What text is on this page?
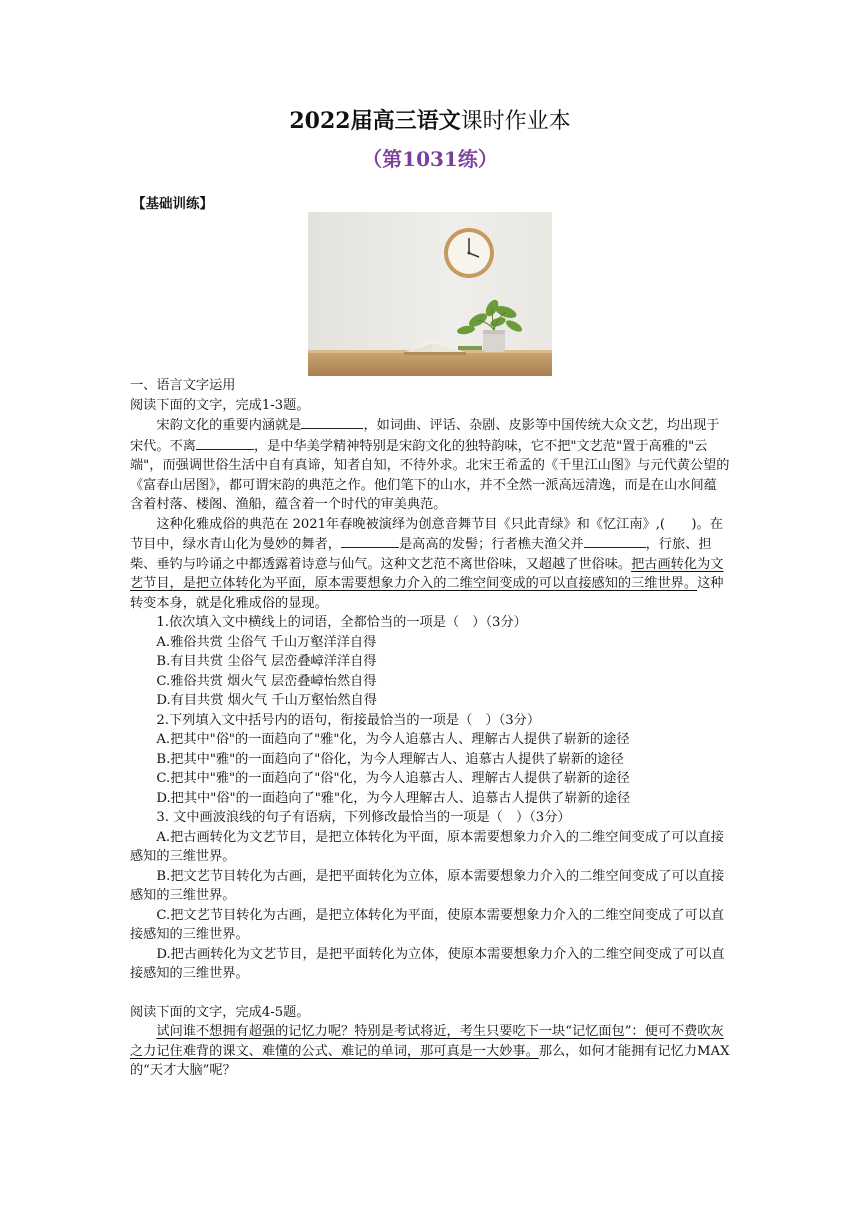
2022届高三语文课时作业本
（第1031练）
【基础训练】

一、语言文字运用

阅读下面的文字，完成1-3题。

宋韵文化的重要内涵就是	，如词曲、评话、杂剧、皮影等中国传统大众文艺，均出现于宋代。不离	，是中华美学精神特别是宋韵文化的独特韵味，它不把"文艺范"置于高雅的"云端"，而强调世俗生活中自有真谛，知者自知，不待外求。北宋王希孟的《千里江山图》与元代黄公望的《富春山居图》，都可谓宋韵的典范之作。他们笔下的山水，并不全然一派高远清逸，而是在山水间蕴含着村落、楼阁、渔船，蕴含着一个时代的审美典范。

这种化雅成俗的典范在 2021年春晚被演绎为创意音舞节目《只此青绿》和《忆江南》,(　　)。在节目中，绿水青山化为曼妙的舞者，	是高高的发髻；行者樵夫渔父并	，行旅、担柴、垂钓与吟诵之中都透露着诗意与仙气。这种文艺范不离世俗味，又超越了世俗味。把古画转化为文艺节目，是把立体转化为平面，原本需要想象力介入的二维空间变成的可以直接感知的三维世界。这种转变本身，就是化雅成俗的显现。

1.依次填入文中横线上的词语，全都恰当的一项是（　）（3分）

A.雅俗共赏 尘俗气 千山万壑洋洋自得

B.有目共赏 尘俗气 层峦叠嶂洋洋自得

C.雅俗共赏 烟火气 层峦叠嶂怡然自得

D.有目共赏 烟火气 千山万壑怡然自得

2.下列填入文中括号内的语句，衔接最恰当的一项是（　）（3分）

A.把其中"俗"的一面趋向了"雅"化，为今人追慕古人、理解古人提供了崭新的途径

B.把其中"雅"的一面趋向了"俗化，为今人理解古人、追慕古人提供了崭新的途径

C.把其中"雅"的一面趋向了"俗"化，为今人追慕古人、理解古人提供了崭新的途径

D.把其中"俗"的一面趋向了"雅"化，为今人理解古人、追慕古人提供了崭新的途径

3. 文中画波浪线的句子有语病，下列修改最恰当的一项是（　）（3分）

A.把古画转化为文艺节目，是把立体转化为平面，原本需要想象力介入的二维空间变成了可以直接感知的三维世界。

B.把文艺节目转化为古画，是把平面转化为立体，原本需要想象力介入的二维空间变成了可以直接感知的三维世界。

C.把文艺节目转化为古画，是把立体转化为平面，使原本需要想象力介入的二维空间变成了可以直接感知的三维世界。

D.把古画转化为文艺节目，是把平面转化为立体，使原本需要想象力介入的二维空间变成了可以直接感知的三维世界。

阅读下面的文字，完成4-5题。

试问谁不想拥有超强的记忆力呢？特别是考试将近，考生只要吃下一块“记忆面包”：便可不费吹灰之力记住难背的课文、难懂的公式、难记的单词，那可真是一大妙事。那么，如何才能拥有记忆力MAX的“天才大脑”呢？
